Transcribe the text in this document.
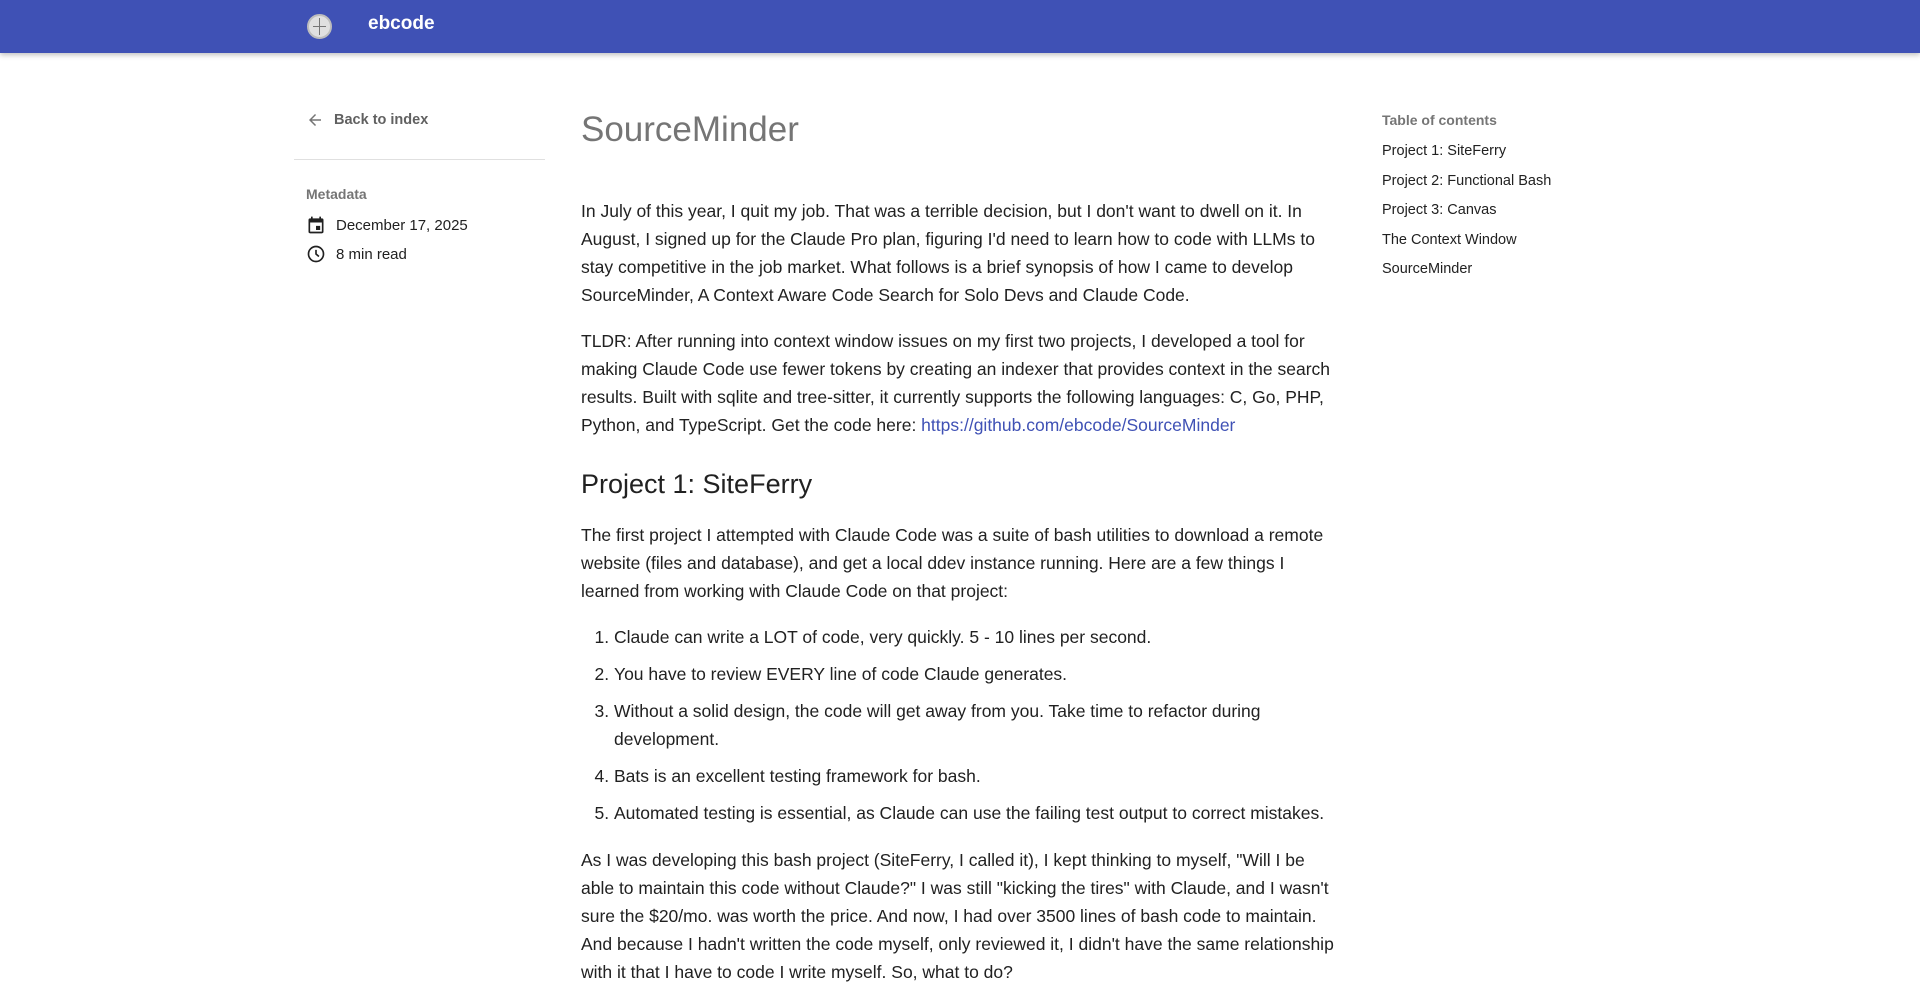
ebcode
Back to index
Metadata
December 17, 2025
8 min read
SourceMinder

In July of this year, I quit my job. That was a terrible decision, but I don't want to dwell on it. In August, I signed up for the Claude Pro plan, figuring I'd need to learn how to code with LLMs to stay competitive in the job market. What follows is a brief synopsis of how I came to develop SourceMinder, A Context Aware Code Search for Solo Devs and Claude Code.

TLDR: After running into context window issues on my first two projects, I developed a tool for making Claude Code use fewer tokens by creating an indexer that provides context in the search results. Built with sqlite and tree-sitter, it currently supports the following languages: C, Go, PHP, Python, and TypeScript. Get the code here: https://github.com/ebcode/SourceMinder

Project 1: SiteFerry

The first project I attempted with Claude Code was a suite of bash utilities to download a remote website (files and database), and get a local ddev instance running. Here are a few things I learned from working with Claude Code on that project:

1. Claude can write a LOT of code, very quickly. 5 - 10 lines per second.
2. You have to review EVERY line of code Claude generates.
3. Without a solid design, the code will get away from you. Take time to refactor during development.
4. Bats is an excellent testing framework for bash.
5. Automated testing is essential, as Claude can use the failing test output to correct mistakes.

As I was developing this bash project (SiteFerry, I called it), I kept thinking to myself, "Will I be able to maintain this code without Claude?" I was still "kicking the tires" with Claude, and I wasn't sure the $20/mo. was worth the price. And now, I had over 3500 lines of bash code to maintain. And because I hadn't written the code myself, only reviewed it, I didn't have the same relationship with it that I have to code I write myself. So, what to do?

Table of contents
Project 1: SiteFerry
Project 2: Functional Bash
Project 3: Canvas
The Context Window
SourceMinder
